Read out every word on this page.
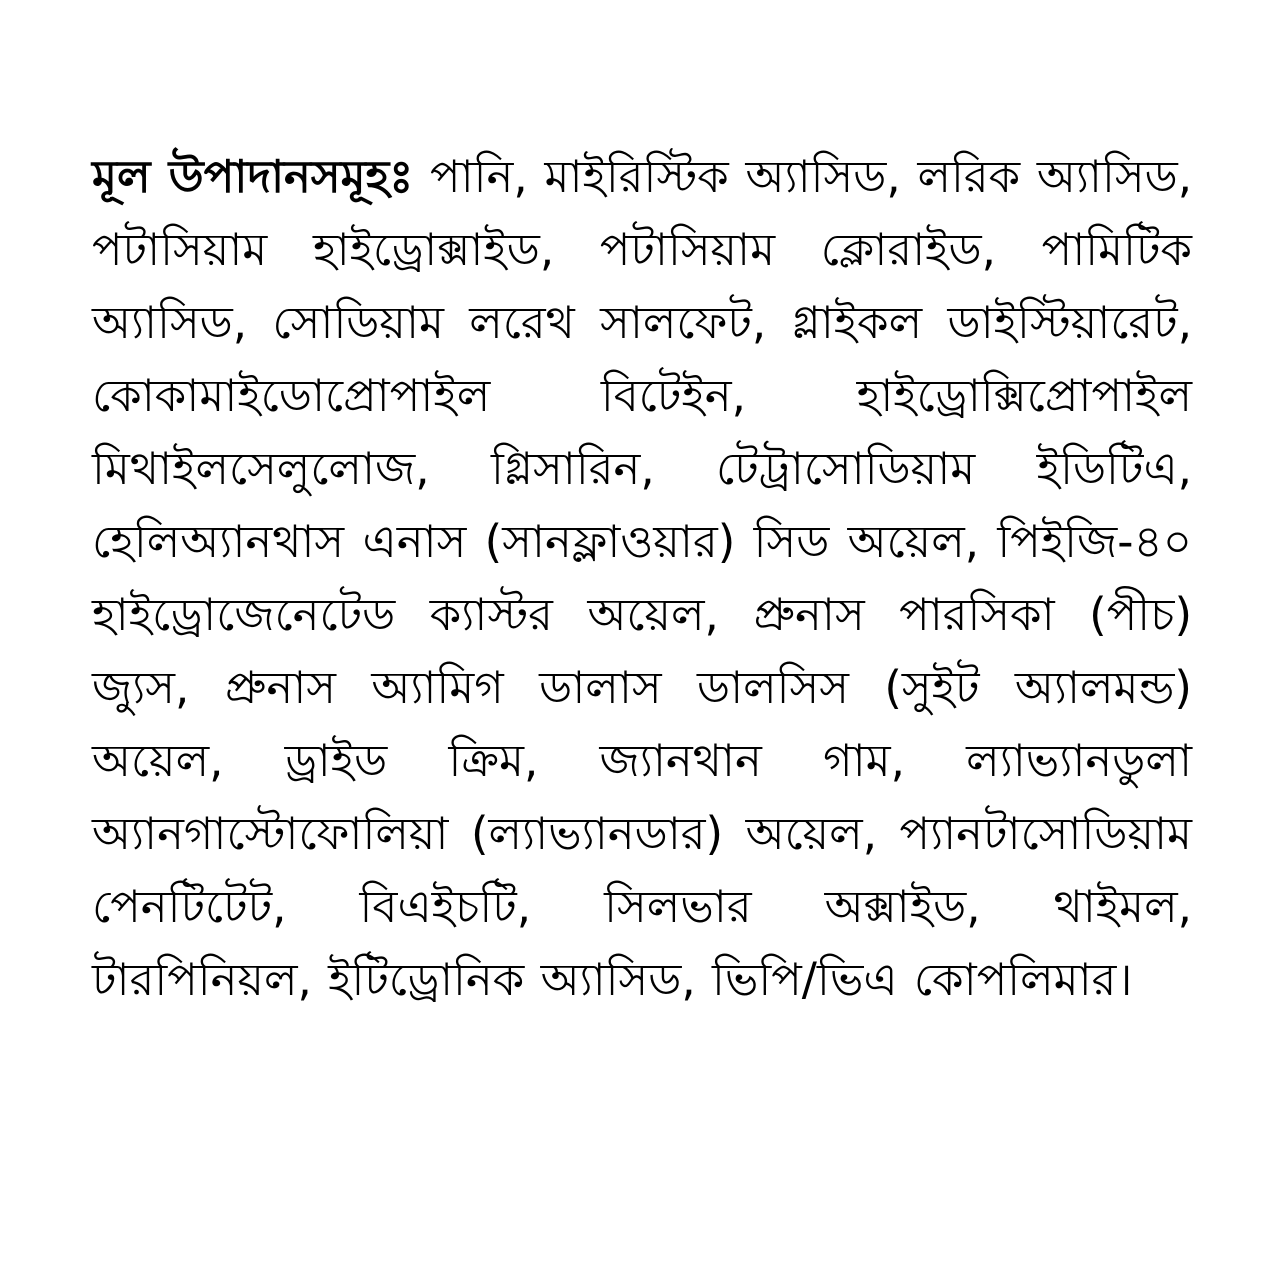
মূল উপাদানসমূহঃ পানি, মাইরিস্টিক অ্যাসিড, লরিক অ্যাসিড, পটাসিয়াম হাইড্রোক্সাইড, পটাসিয়াম ক্লোরাইড, পামিটিক অ্যাসিড, সোডিয়াম লরেথ সালফেট, গ্লাইকল ডাইস্টিয়ারেট, কোকামাইডোপ্রোপাইল বিটেইন, হাইড্রোক্সিপ্রোপাইল মিথাইলসেলুলোজ, গ্লিসারিন, টেট্রাসোডিয়াম ইডিটিএ, হেলিঅ্যানথাস এনাস (সানফ্লাওয়ার) সিড অয়েল, পিইজি-৪০ হাইড্রোজেনেটেড ক্যাস্টর অয়েল, প্রুনাস পারসিকা (পীচ) জ্যুস, প্রুনাস অ্যামিগ ডালাস ডালসিস (সুইট অ্যালমন্ড) অয়েল, ড্রাইড ক্রিম, জ্যানথান গাম, ল্যাভ্যানডুলা অ্যানগাস্টোফোলিয়া (ল্যাভ্যানডার) অয়েল, প্যানটাসোডিয়াম পেনটিটেট, বিএইচটি, সিলভার অক্সাইড, থাইমল, টারপিনিয়ল, ইটিড্রোনিক অ্যাসিড, ভিপি/ভিএ কোপলিমার।
